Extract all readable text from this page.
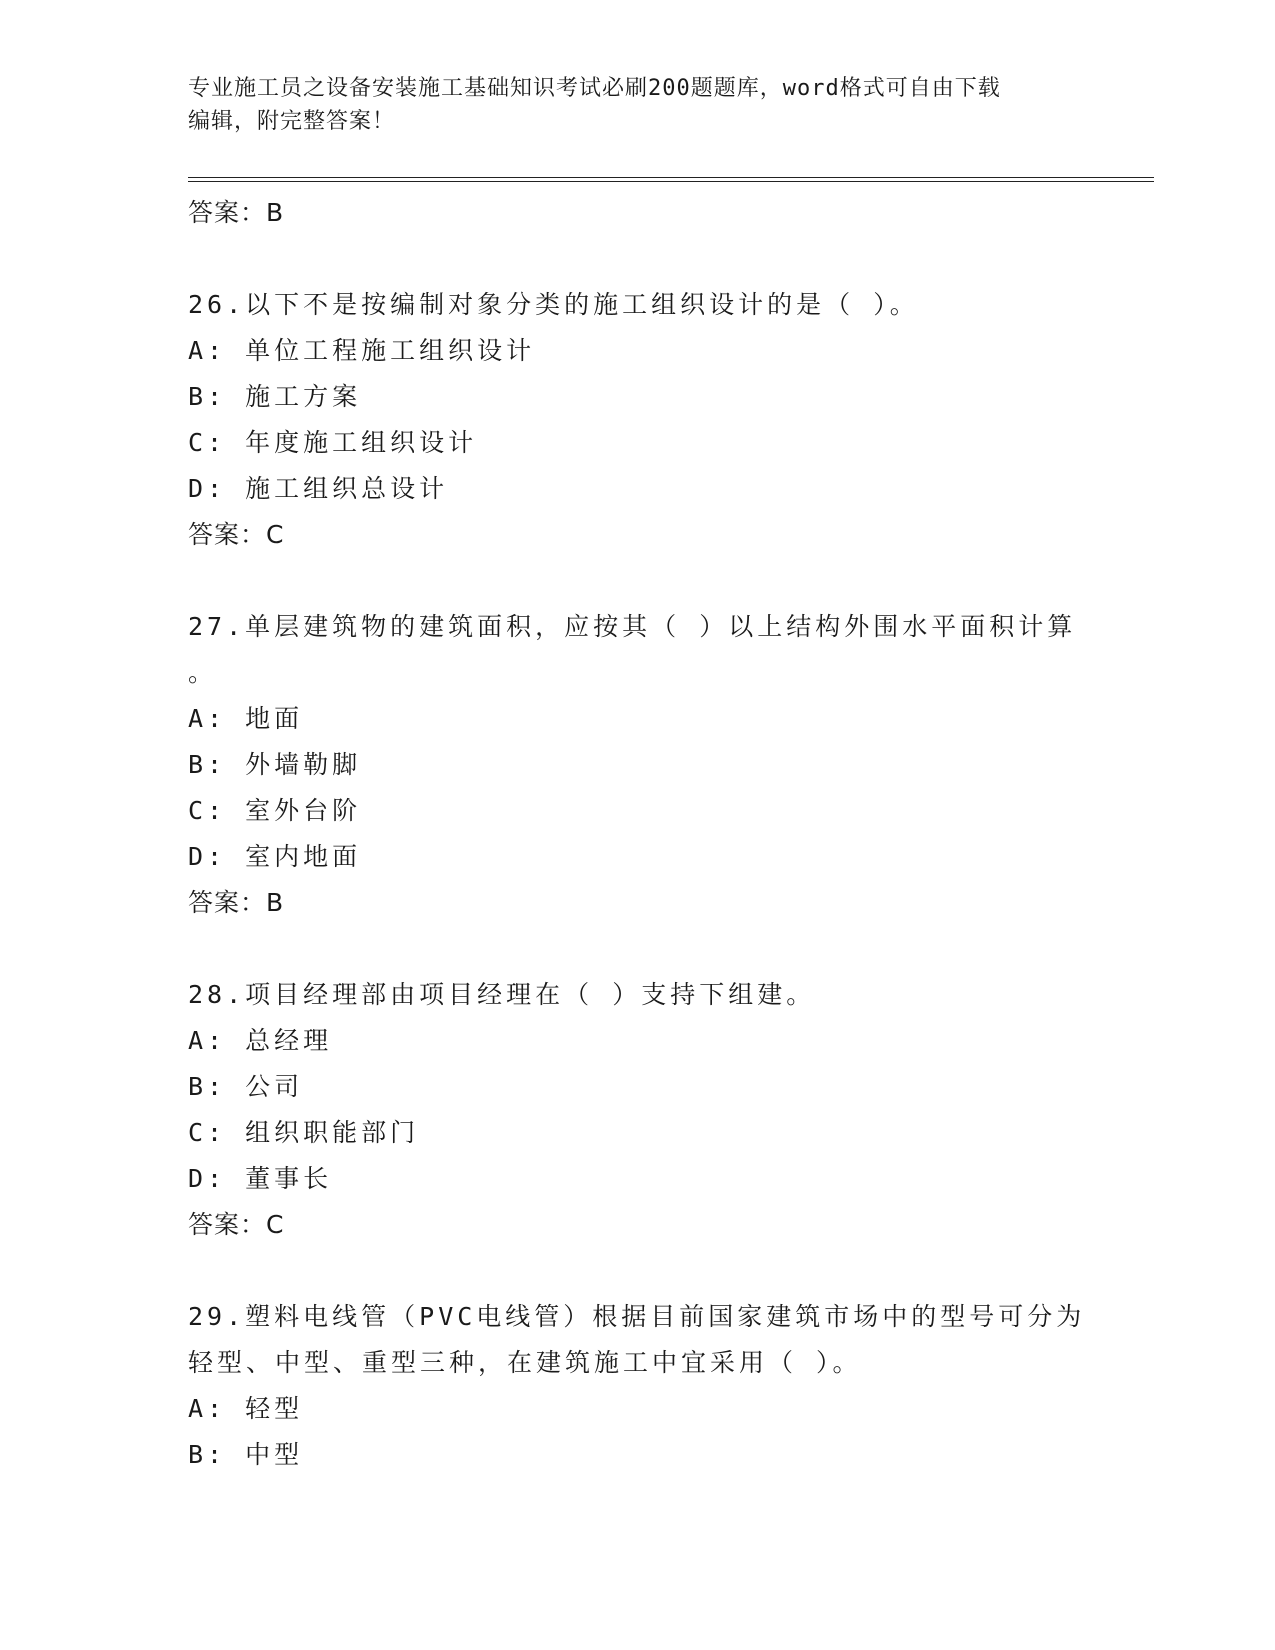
专业施工员之设备安装施工基础知识考试必刷200题题库，word格式可自由下载
编辑，附完整答案！
答案：B
26.以下不是按编制对象分类的施工组织设计的是（ ）。
A: 单位工程施工组织设计
B: 施工方案
C: 年度施工组织设计
D: 施工组织总设计
答案：C
27.单层建筑物的建筑面积，应按其（ ）以上结构外围水平面积计算
。
A: 地面
B: 外墙勒脚
C: 室外台阶
D: 室内地面
答案：B
28.项目经理部由项目经理在（ ）支持下组建。
A: 总经理
B: 公司
C: 组织职能部门
D: 董事长
答案：C
29.塑料电线管（PVC电线管）根据目前国家建筑市场中的型号可分为
轻型、中型、重型三种，在建筑施工中宜采用（ ）。
A: 轻型
B: 中型
